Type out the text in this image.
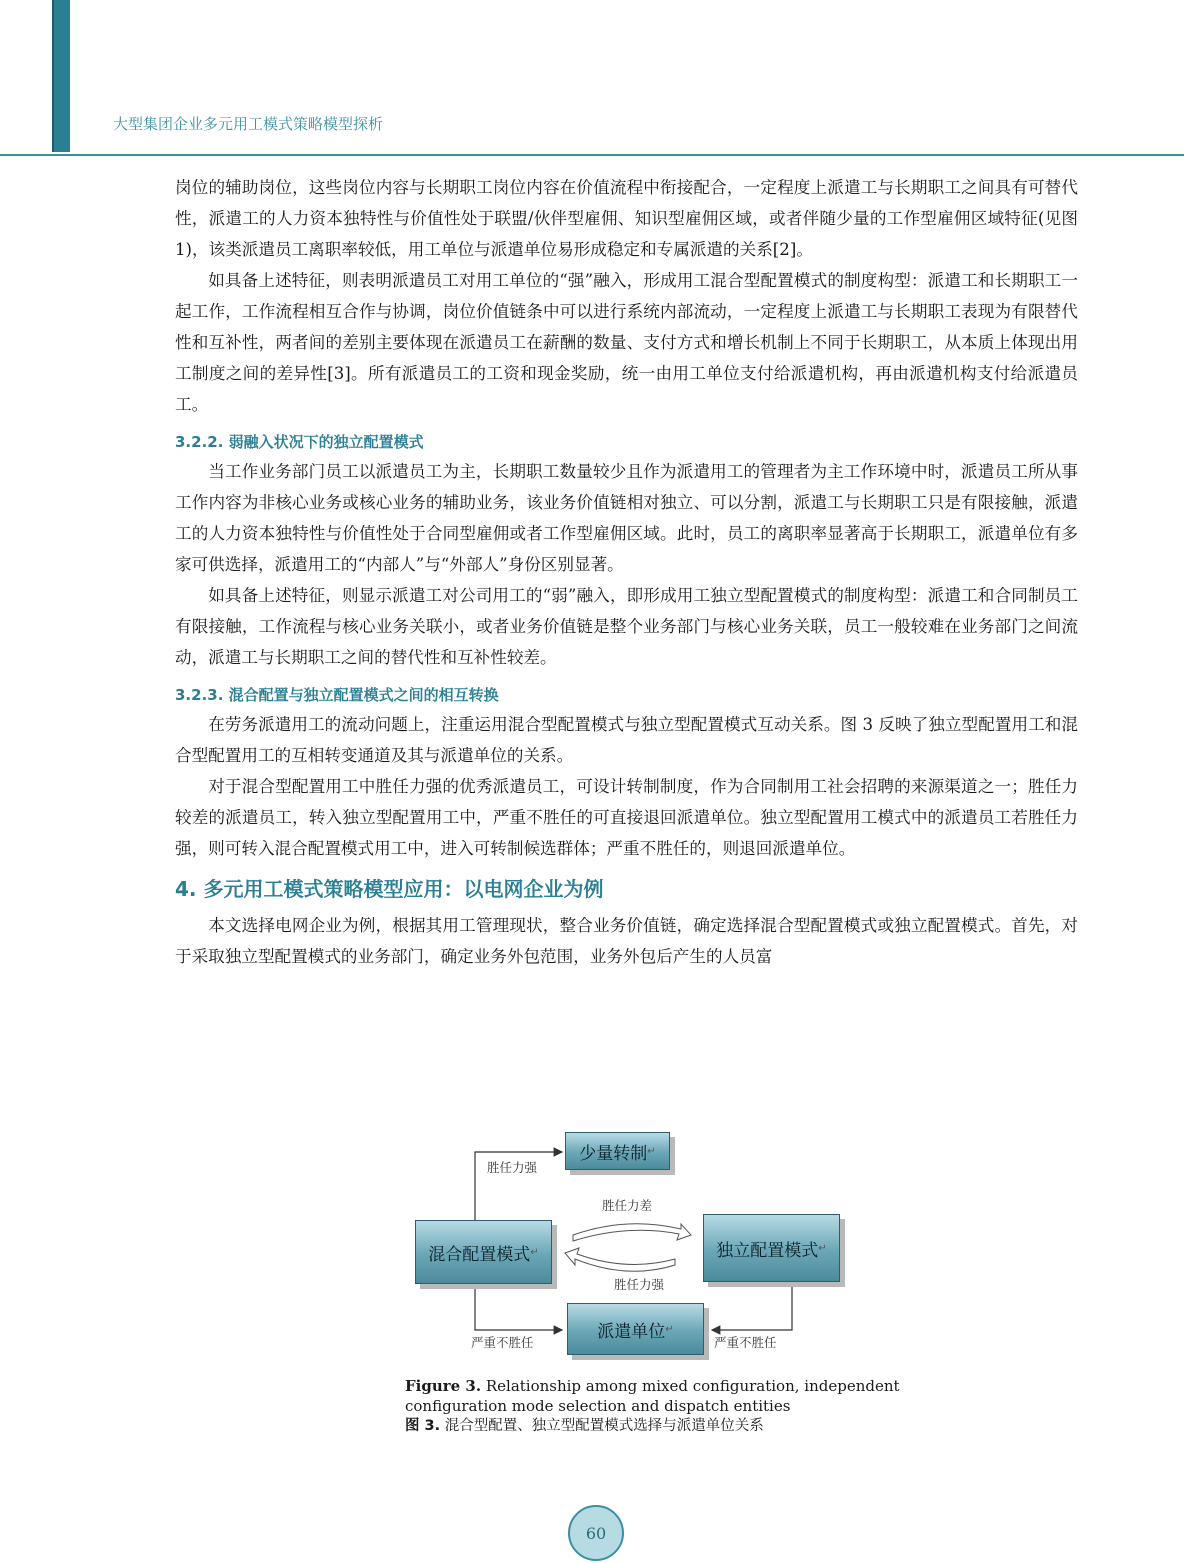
大型集团企业多元用工模式策略模型探析

岗位的辅助岗位，这些岗位内容与长期职工岗位内容在价值流程中衔接配合，一定程度上派遣工与长期职工之间具有可替代性，派遣工的人力资本独特性与价值性处于联盟/伙伴型雇佣、知识型雇佣区域，或者伴随少量的工作型雇佣区域特征(见图 1)，该类派遣员工离职率较低，用工单位与派遣单位易形成稳定和专属派遣的关系[2]。

如具备上述特征，则表明派遣员工对用工单位的“强”融入，形成用工混合型配置模式的制度构型：派遣工和长期职工一起工作，工作流程相互合作与协调，岗位价值链条中可以进行系统内部流动，一定程度上派遣工与长期职工表现为有限替代性和互补性，两者间的差别主要体现在派遣员工在薪酬的数量、支付方式和增长机制上不同于长期职工，从本质上体现出用工制度之间的差异性[3]。所有派遣员工的工资和现金奖励，统一由用工单位支付给派遣机构，再由派遣机构支付给派遣员工。

3.2.2. 弱融入状况下的独立配置模式

当工作业务部门员工以派遣员工为主，长期职工数量较少且作为派遣用工的管理者为主工作环境中时，派遣员工所从事工作内容为非核心业务或核心业务的辅助业务，该业务价值链相对独立、可以分割，派遣工与长期职工只是有限接触，派遣工的人力资本独特性与价值性处于合同型雇佣或者工作型雇佣区域。此时，员工的离职率显著高于长期职工，派遣单位有多家可供选择，派遣用工的“内部人”与“外部人”身份区别显著。

如具备上述特征，则显示派遣工对公司用工的“弱”融入，即形成用工独立型配置模式的制度构型：派遣工和合同制员工有限接触，工作流程与核心业务关联小，或者业务价值链是整个业务部门与核心业务关联，员工一般较难在业务部门之间流动，派遣工与长期职工之间的替代性和互补性较差。

3.2.3. 混合配置与独立配置模式之间的相互转换

在劳务派遣用工的流动问题上，注重运用混合型配置模式与独立型配置模式互动关系。图 3 反映了独立型配置用工和混合型配置用工的互相转变通道及其与派遣单位的关系。

对于混合型配置用工中胜任力强的优秀派遣员工，可设计转制制度，作为合同制用工社会招聘的来源渠道之一；胜任力较差的派遣员工，转入独立型配置用工中，严重不胜任的可直接退回派遣单位。独立型配置用工模式中的派遣员工若胜任力强，则可转入混合配置模式用工中，进入可转制候选群体；严重不胜任的，则退回派遣单位。

4. 多元用工模式策略模型应用：以电网企业为例

本文选择电网企业为例，根据其用工管理现状，整合业务价值链，确定选择混合型配置模式或独立配置模式。首先，对于采取独立型配置模式的业务部门，确定业务外包范围，业务外包后产生的人员富

少量转制 ↵
混合配置模式 ↵	独立配置模式 ↵
派遣单位 ↵
胜任力强
胜任力差
胜任力强
严重不胜任	严重不胜任
Figure 3. Relationship among mixed configuration, independent configuration mode selection and dispatch entities
图 3. 混合型配置、独立型配置模式选择与派遣单位关系
60
